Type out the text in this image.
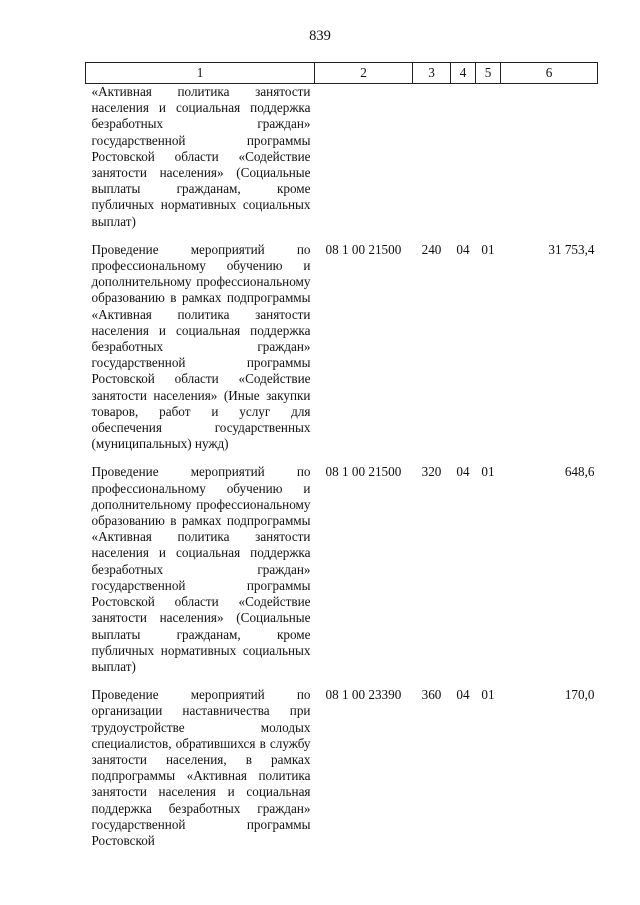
839
1	2	3	4	5	6
«Активная политика занятости населения и социальная поддержка безработных граждан» государственной программы Ростовской области «Содействие занятости населения» (Социальные выплаты гражданам, кроме публичных нормативных социальных выплат)					
Проведение мероприятий по профессиональному обучению и дополнительному профессиональному образованию в рамках подпрограммы «Активная политика занятости населения и социальная поддержка безработных граждан» государственной программы Ростовской области «Содействие занятости населения» (Иные закупки товаров, работ и услуг для обеспечения государственных (муниципальных) нужд)	08 1 00 21500	240	04	01	31 753,4
Проведение мероприятий по профессиональному обучению и дополнительному профессиональному образованию в рамках подпрограммы «Активная политика занятости населения и социальная поддержка безработных граждан» государственной программы Ростовской области «Содействие занятости населения» (Социальные выплаты гражданам, кроме публичных нормативных социальных выплат)	08 1 00 21500	320	04	01	648,6
Проведение мероприятий по организации наставничества при трудоустройстве молодых специалистов, обратившихся в службу занятости населения, в рамках подпрограммы «Активная политика занятости населения и социальная поддержка безработных граждан» государственной программы Ростовской	08 1 00 23390	360	04	01	170,0
